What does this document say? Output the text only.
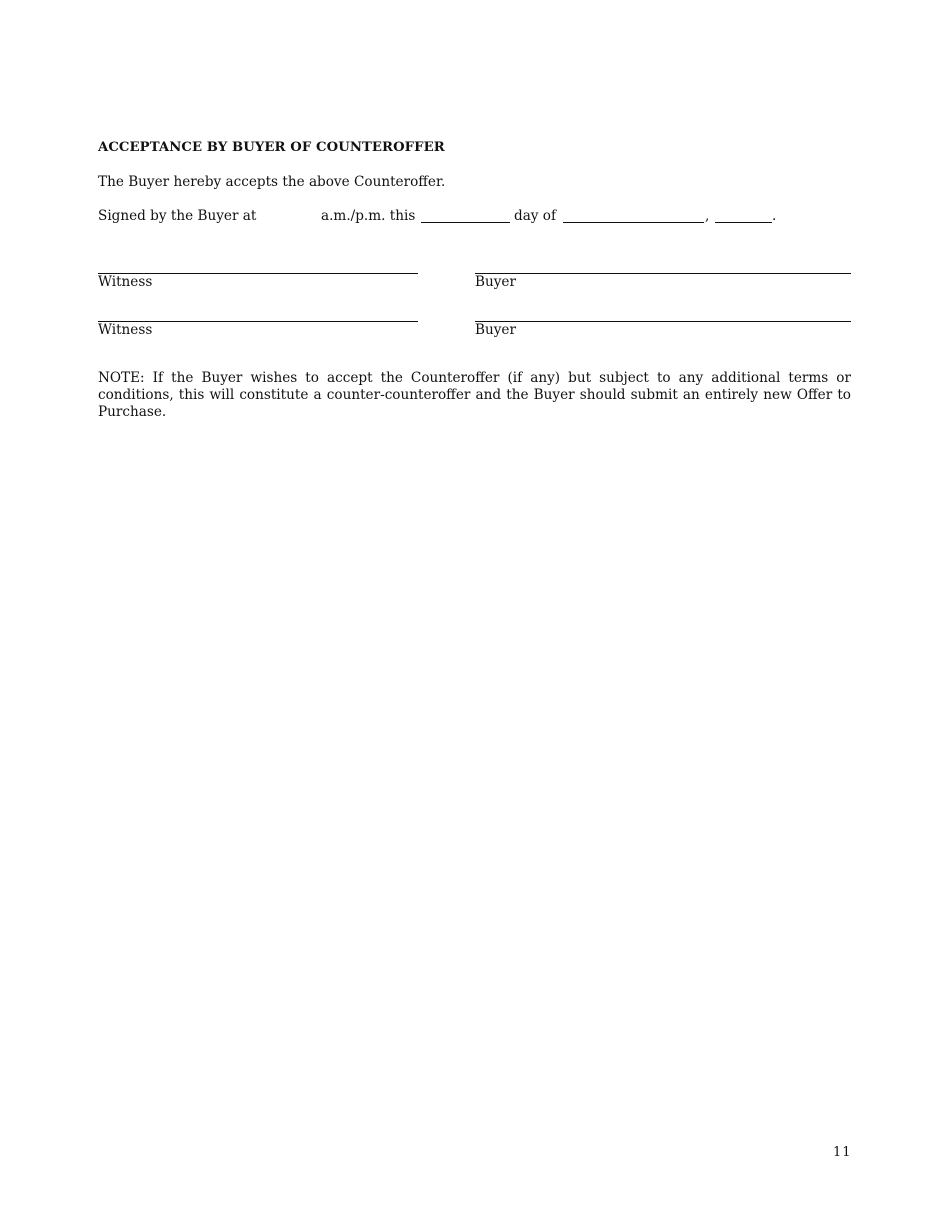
ACCEPTANCE BY BUYER OF COUNTEROFFER
The Buyer hereby accepts the above Counteroffer.
Signed by the Buyer at	a.m./p.m. this	day of	,	.
Witness	Buyer
Witness	Buyer
NOTE: If the Buyer wishes to accept the Counteroffer (if any) but subject to any additional terms or conditions, this will constitute a counter-counteroffer and the Buyer should submit an entirely new Offer to Purchase.
11
